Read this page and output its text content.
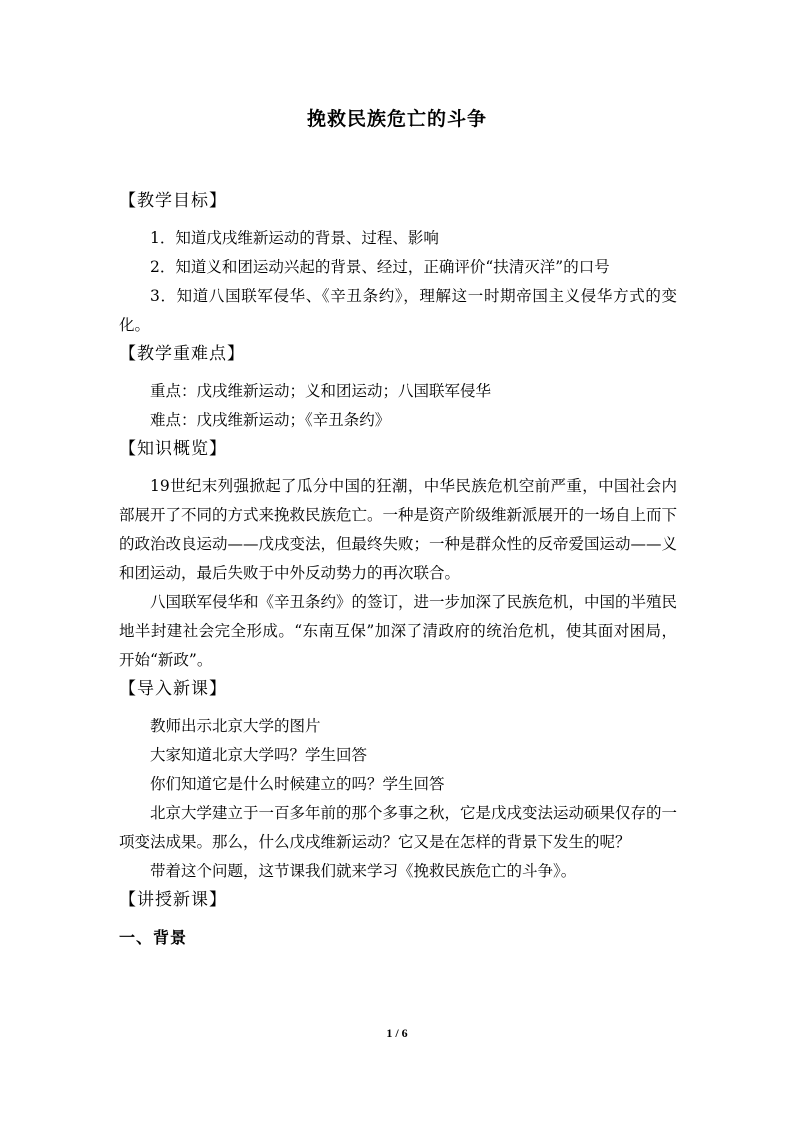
挽救民族危亡的斗争

【教学目标】

1．知道戊戌维新运动的背景、过程、影响

2．知道义和团运动兴起的背景、经过，正确评价“扶清灭洋”的口号

3．知道八国联军侵华、《辛丑条约》，理解这一时期帝国主义侵华方式的变化。

【教学重难点】

重点：戊戌维新运动；义和团运动；八国联军侵华

难点：戊戌维新运动；《辛丑条约》

【知识概览】

19世纪末列强掀起了瓜分中国的狂潮，中华民族危机空前严重，中国社会内部展开了不同的方式来挽救民族危亡。一种是资产阶级维新派展开的一场自上而下的政治改良运动——戊戌变法，但最终失败；一种是群众性的反帝爱国运动——义和团运动，最后失败于中外反动势力的再次联合。

八国联军侵华和《辛丑条约》的签订，进一步加深了民族危机，中国的半殖民地半封建社会完全形成。“东南互保”加深了清政府的统治危机，使其面对困局，开始“新政”。

【导入新课】

教师出示北京大学的图片

大家知道北京大学吗？学生回答

你们知道它是什么时候建立的吗？学生回答

北京大学建立于一百多年前的那个多事之秋，它是戊戌变法运动硕果仅存的一项变法成果。那么，什么戊戌维新运动？它又是在怎样的背景下发生的呢？

带着这个问题，这节课我们就来学习《挽救民族危亡的斗争》。

【讲授新课】

一、背景

1 / 6
